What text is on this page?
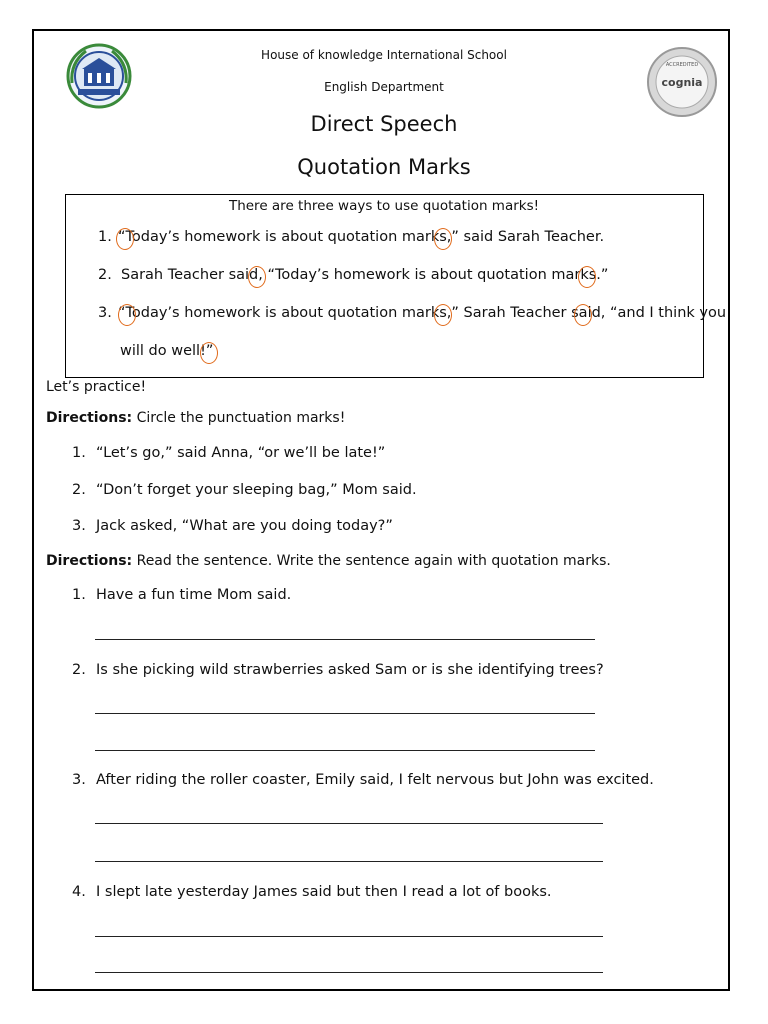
cognia
ACCREDITED
House of knowledge International School
English Department
Direct Speech
Quotation Marks
There are three ways to use quotation marks!
1. “Today’s homework is about quotation marks,” said Sarah Teacher.
2. Sarah Teacher said, “Today’s homework is about quotation marks.”
3. “Today’s homework is about quotation marks,” Sarah Teacher said, “and I think you
will do well!”
Let’s practice!
Directions: Circle the punctuation marks!
1. “Let’s go,” said Anna, “or we’ll be late!”
2. “Don’t forget your sleeping bag,” Mom said.
3. Jack asked, “What are you doing today?”
Directions: Read the sentence. Write the sentence again with quotation marks.
1. Have a fun time Mom said.
2. Is she picking wild strawberries asked Sam or is she identifying trees?
3. After riding the roller coaster, Emily said, I felt nervous but John was excited.
4. I slept late yesterday James said but then I read a lot of books.
